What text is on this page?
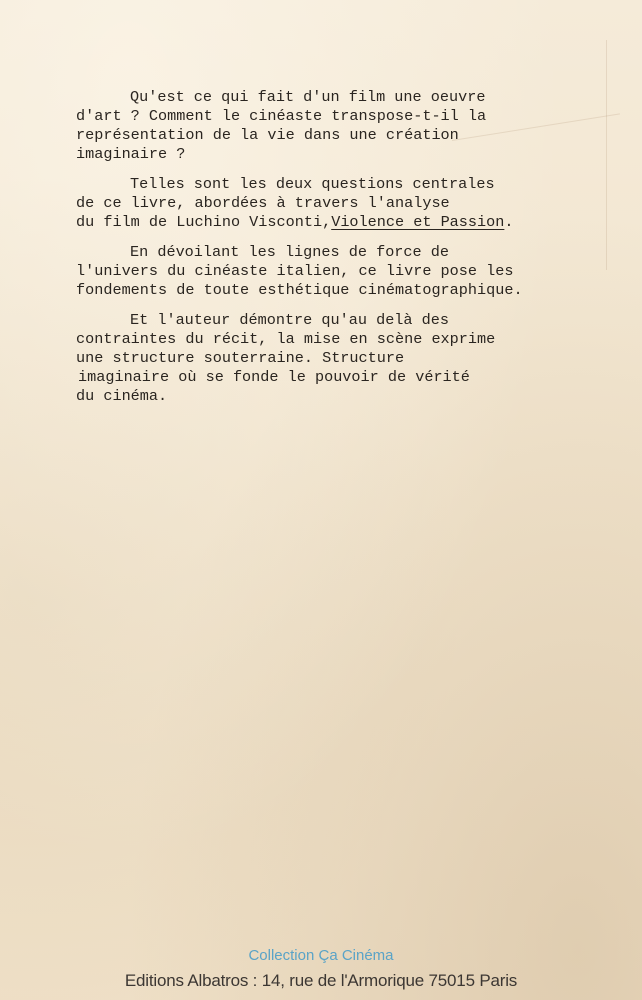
Qu'est ce qui fait d'un film une oeuvre
d'art ? Comment le cinéaste transpose-t-il la
représentation de la vie dans une création
imaginaire ?

Telles sont les deux questions centrales
de ce livre, abordées à travers l'analyse
du film de Luchino Visconti,Violence et Passion.

En dévoilant les lignes de force de
l'univers du cinéaste italien, ce livre pose les
fondements de toute esthétique cinématographique.

Et l'auteur démontre qu'au delà des
contraintes du récit, la mise en scène exprime
une structure souterraine. Structure
imaginaire où se fonde le pouvoir de vérité
du cinéma.

Collection Ça Cinéma
Editions Albatros : 14, rue de l'Armorique 75015 Paris
